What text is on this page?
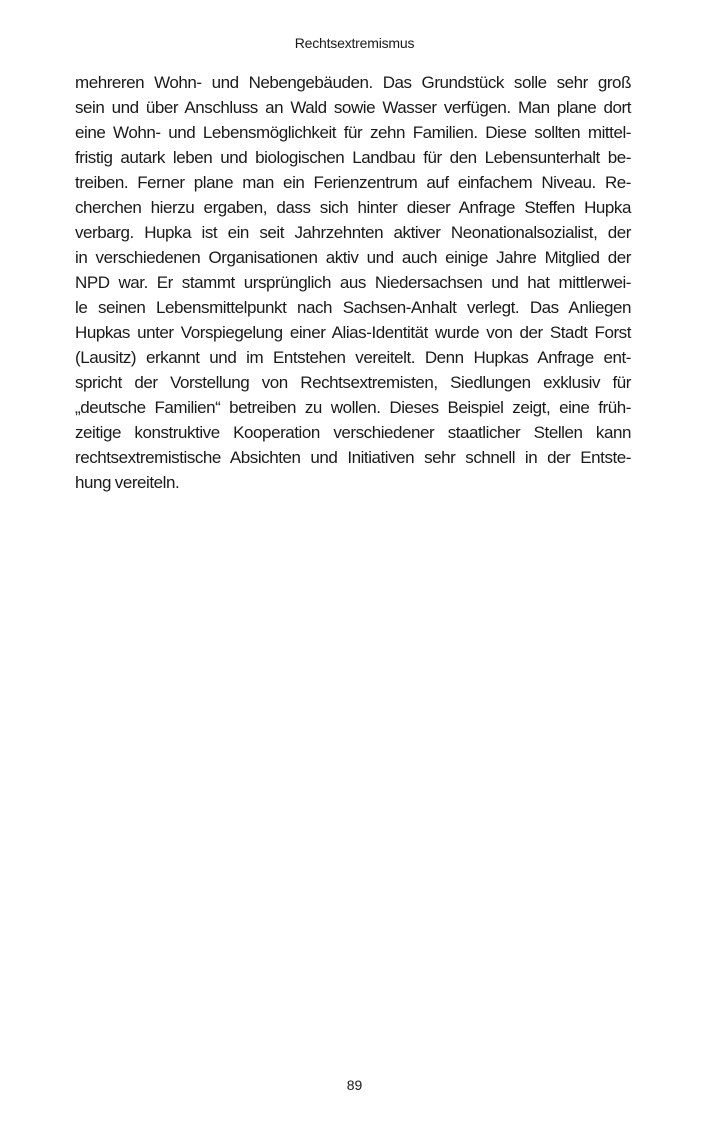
Rechtsextremismus
mehreren Wohn- und Nebengebäuden. Das Grundstück solle sehr groß
sein und über Anschluss an Wald sowie Wasser verfügen. Man plane dort
eine Wohn- und Lebensmöglichkeit für zehn Familien. Diese sollten mittel-
fristig autark leben und biologischen Landbau für den Lebensunterhalt be-
treiben. Ferner plane man ein Ferienzentrum auf einfachem Niveau. Re-
cherchen hierzu ergaben, dass sich hinter dieser Anfrage Steffen Hupka
verbarg. Hupka ist ein seit Jahrzehnten aktiver Neonationalsozialist, der
in verschiedenen Organisationen aktiv und auch einige Jahre Mitglied der
NPD war. Er stammt ursprünglich aus Niedersachsen und hat mittlerwei-
le seinen Lebensmittelpunkt nach Sachsen-Anhalt verlegt. Das Anliegen
Hupkas unter Vorspiegelung einer Alias-Identität wurde von der Stadt Forst
(Lausitz) erkannt und im Entstehen vereitelt. Denn Hupkas Anfrage ent-
spricht der Vorstellung von Rechtsextremisten, Siedlungen exklusiv für
„deutsche Familien“ betreiben zu wollen. Dieses Beispiel zeigt, eine früh-
zeitige konstruktive Kooperation verschiedener staatlicher Stellen kann
rechtsextremistische Absichten und Initiativen sehr schnell in der Entste-
hung vereiteln.
89
